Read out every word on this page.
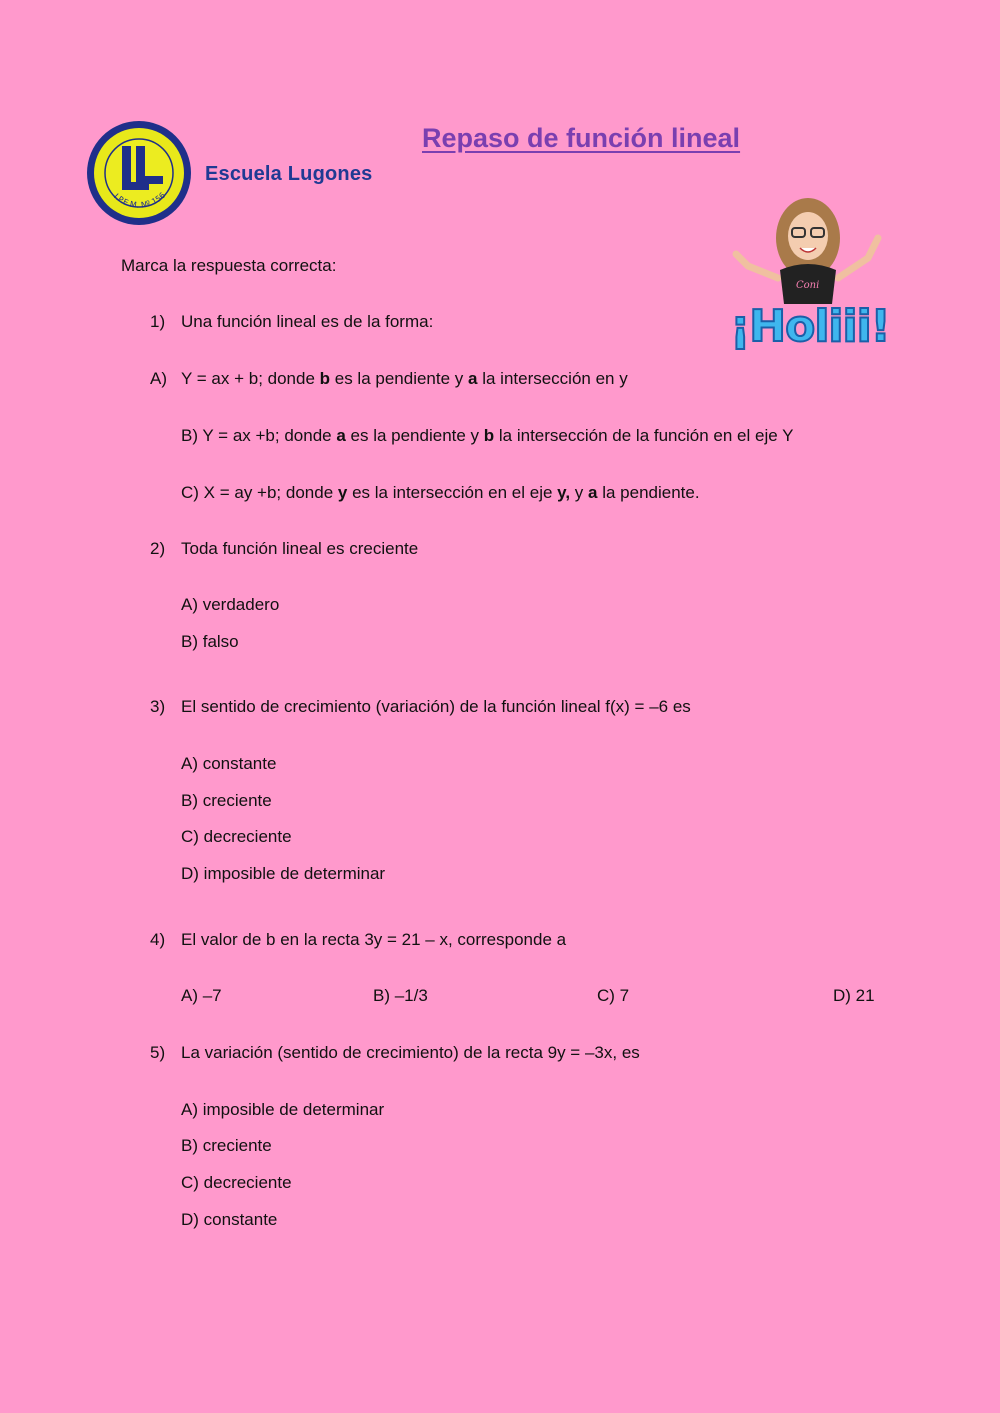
I.P.E.M. Nº 156
Escuela Lugones
Repaso de función lineal
Coni
¡Holiii!
Marca la respuesta correcta:
1) Una función lineal es de la forma:
A) Y = ax + b; donde b es la pendiente y a la intersección en y
B) Y = ax +b; donde a es la pendiente y b la intersección de la función en el eje Y
C) X = ay +b; donde y es la intersección en el eje y, y a la pendiente.
2) Toda función lineal es creciente
A) verdadero
B) falso
3) El sentido de crecimiento (variación) de la función lineal f(x) = –6 es
A) constante
B) creciente
C) decreciente
D) imposible de determinar
4) El valor de b en la recta 3y = 21 – x, corresponde a
A) –7	B) –1/3	C) 7	D) 21
5) La variación (sentido de crecimiento) de la recta 9y = –3x, es
A) imposible de determinar
B) creciente
C) decreciente
D) constante
